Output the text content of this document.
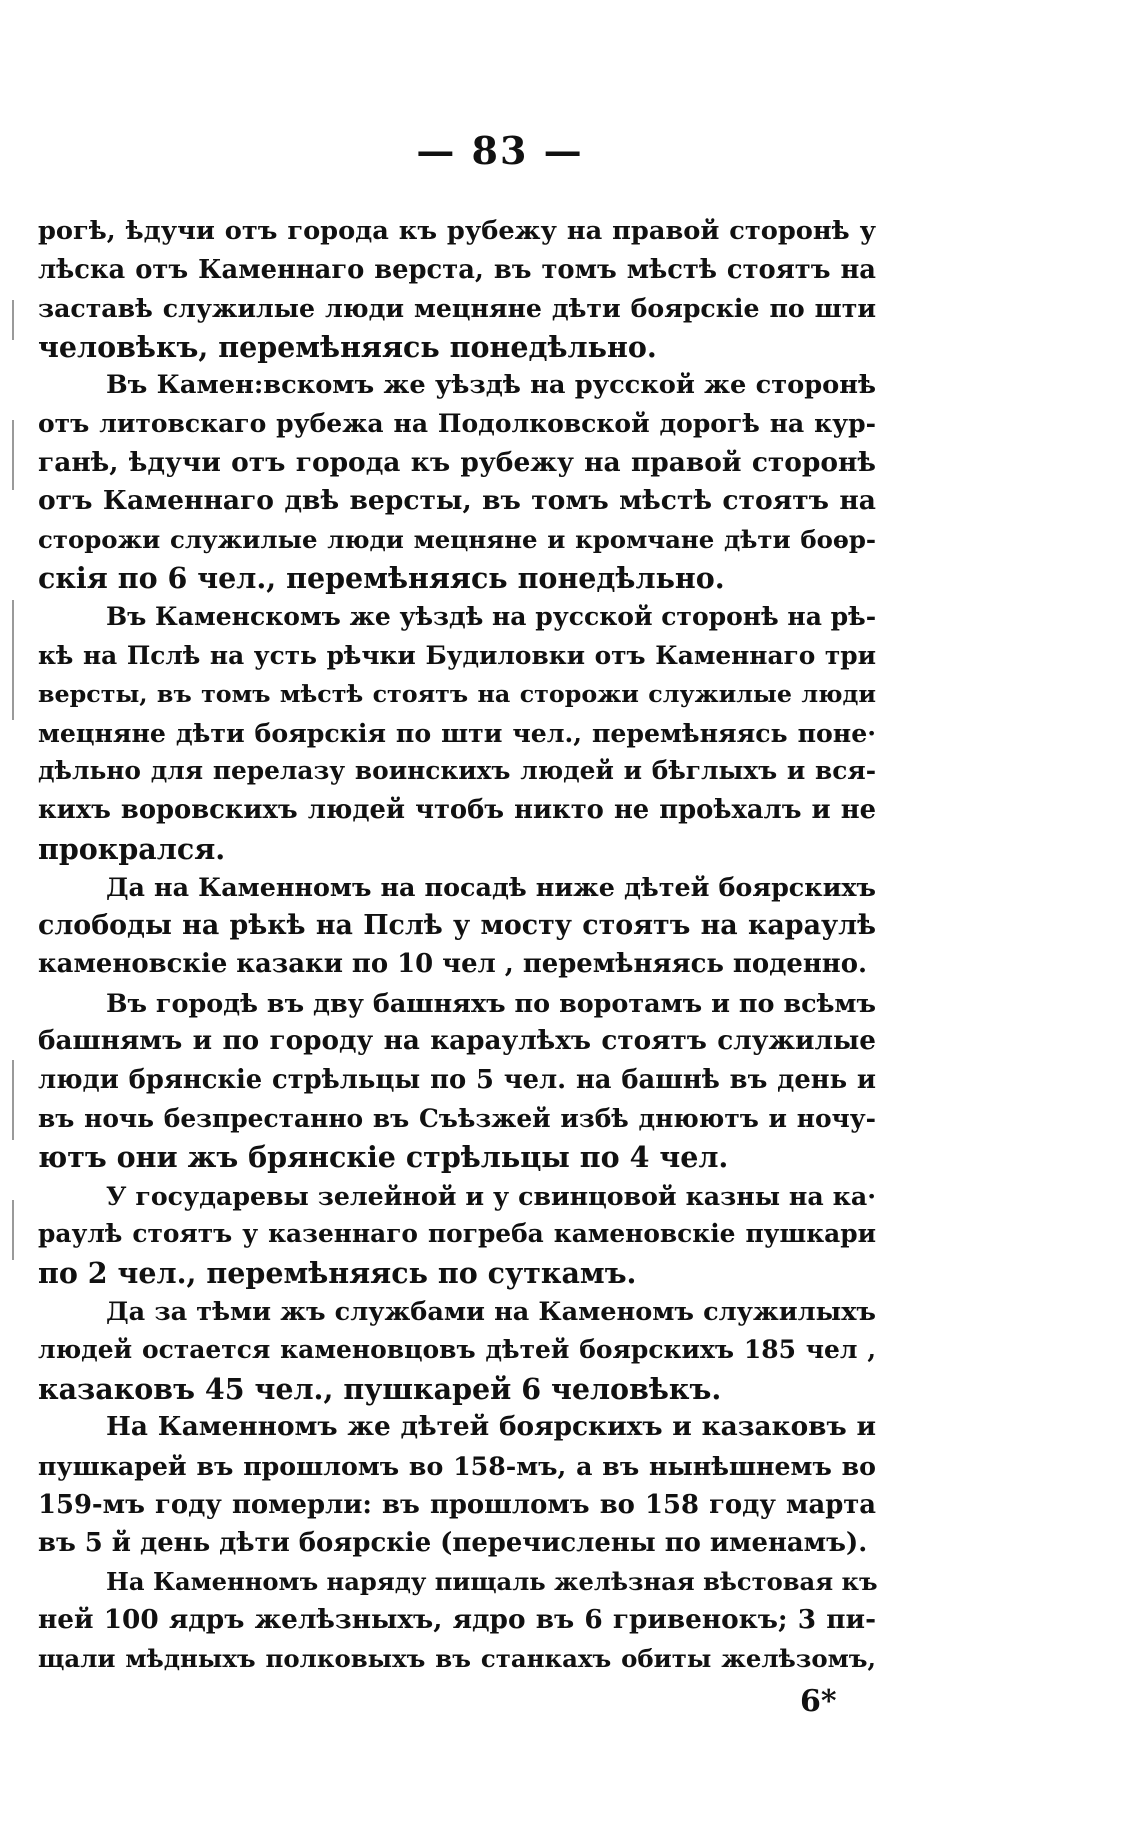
— 83 —
рогѣ, ѣдучи отъ города къ рубежу на правой сторонѣ у
лѣска отъ Каменнаго верста, въ томъ мѣстѣ стоятъ на
заставѣ служилые люди мецняне дѣти боярскіе по шти
человѣкъ, перемѣняясь понедѣльно.
Въ Камен:вскомъ же уѣздѣ на русской же сторонѣ
отъ литовскаго рубежа на Подолковской дорогѣ на кур-
ганѣ, ѣдучи отъ города къ рубежу на правой сторонѣ
отъ Каменнаго двѣ версты, въ томъ мѣстѣ стоятъ на
сторожи служилые люди мецняне и кромчане дѣти боѳр-
скія по 6 чел., перемѣняясь понедѣльно.
Въ Каменскомъ же уѣздѣ на русской сторонѣ на рѣ-
кѣ на Пслѣ на усть рѣчки Будиловки отъ Каменнаго три
версты, въ томъ мѣстѣ стоятъ на сторожи служилые люди
мецняне дѣти боярскія по шти чел., перемѣняясь поне·
дѣльно для перелазу воинскихъ людей и бѣглыхъ и вся-
кихъ воровскихъ людей чтобъ никто не проѣхалъ и не
прокрался.
Да на Каменномъ на посадѣ ниже дѣтей боярскихъ
слободы на рѣкѣ на Пслѣ у мосту стоятъ на караулѣ
каменовскіе казаки по 10 чел , перемѣняясь поденно.
Въ городѣ въ дву башняхъ по воротамъ и по всѣмъ
башнямъ и по городу на караулѣхъ стоятъ служилые
люди брянскіе стрѣльцы по 5 чел. на башнѣ въ день и
въ ночь безпрестанно въ Съѣзжей избѣ днюютъ и ночу-
ютъ они жъ брянскіе стрѣльцы по 4 чел.
У государевы зелейной и у свинцовой казны на ка·
раулѣ стоятъ у казеннаго погреба каменовскіе пушкари
по 2 чел., перемѣняясь по суткамъ.
Да за тѣми жъ службами на Каменомъ служилыхъ
людей остается каменовцовъ дѣтей боярскихъ 185 чел ,
казаковъ 45 чел., пушкарей 6 человѣкъ.
На Каменномъ же дѣтей боярскихъ и казаковъ и
пушкарей въ прошломъ во 158-мъ, а въ нынѣшнемъ во
159-мъ году померли: въ прошломъ во 158 году марта
въ 5 й день дѣти боярскіе (перечислены по именамъ).
На Каменномъ наряду пищаль желѣзная вѣстовая къ
ней 100 ядръ желѣзныхъ, ядро въ 6 гривенокъ; 3 пи-
щали мѣдныхъ полковыхъ въ станкахъ обиты желѣзомъ,
6*
